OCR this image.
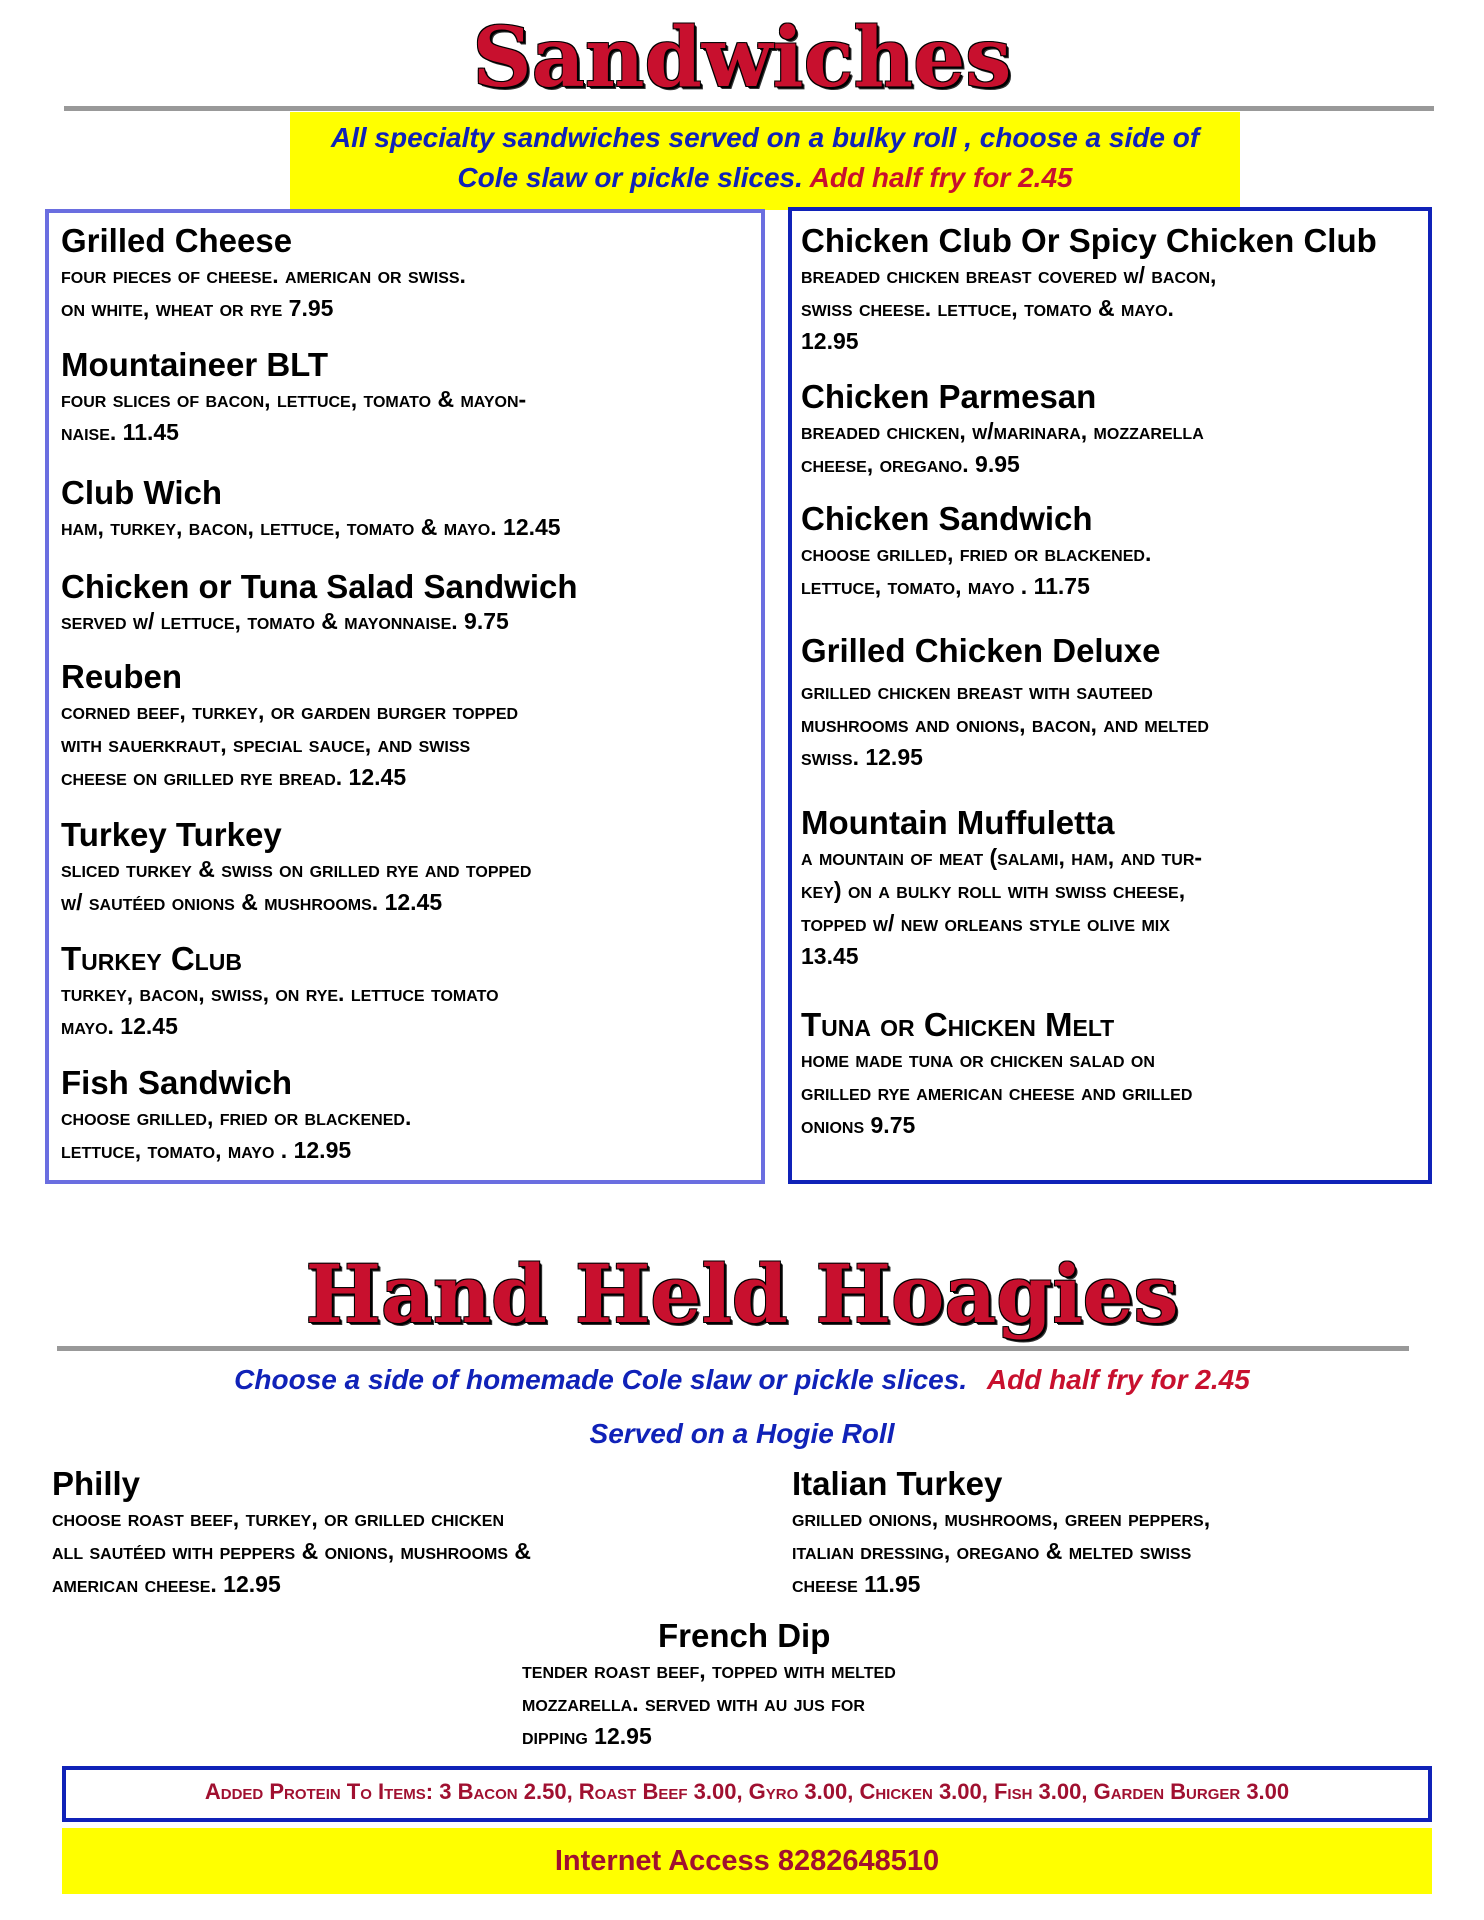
Sandwiches
All specialty sandwiches served on a bulky roll , choose a side of
Cole slaw or pickle slices. Add half fry for 2.45
Grilled Cheese
four pieces of cheese. american or swiss.
on white, wheat or rye 7.95
Mountaineer BLT
four slices of bacon, lettuce, tomato & mayon-
naise. 11.45
Club Wich
ham, turkey, bacon, lettuce, tomato & mayo. 12.45
Chicken or Tuna Salad Sandwich
served w/ lettuce, tomato & mayonnaise. 9.75
Reuben
corned beef, turkey, or garden burger topped
with sauerkraut, special sauce, and swiss
cheese on grilled rye bread. 12.45
Turkey Turkey
sliced turkey & swiss on grilled rye and topped
w/ sautéed onions & mushrooms. 12.45
Turkey Club
turkey, bacon, swiss, on rye. lettuce tomato
mayo. 12.45
Fish Sandwich
choose grilled, fried or blackened.
lettuce, tomato, mayo . 12.95
Chicken Club Or Spicy Chicken Club
breaded chicken breast covered w/ bacon,
swiss cheese. lettuce, tomato & mayo.
12.95
Chicken Parmesan
breaded chicken, w/marinara, mozzarella
cheese, oregano. 9.95
Chicken Sandwich
choose grilled, fried or blackened.
lettuce, tomato, mayo . 11.75
Grilled Chicken Deluxe
grilled chicken breast with sauteed
mushrooms and onions, bacon, and melted
swiss. 12.95
Mountain Muffuletta
a mountain of meat (salami, ham, and tur-
key) on a bulky roll with swiss cheese,
topped w/ new orleans style olive mix
13.45
Tuna or Chicken Melt
home made tuna or chicken salad on
grilled rye american cheese and grilled
onions 9.75
Hand Held Hoagies
Choose a side of homemade Cole slaw or pickle slices. Add half fry for 2.45
Served on a Hogie Roll
Philly
choose roast beef, turkey, or grilled chicken
all sautéed with peppers & onions, mushrooms &
american cheese. 12.95
Italian Turkey
grilled onions, mushrooms, green peppers,
italian dressing, oregano & melted swiss
cheese 11.95
French Dip
tender roast beef, topped with melted
mozzarella. served with au jus for
dipping 12.95
Added Protein To Items: 3 Bacon 2.50, Roast Beef 3.00, Gyro 3.00, Chicken 3.00, Fish 3.00, Garden Burger 3.00
Internet Access 8282648510
